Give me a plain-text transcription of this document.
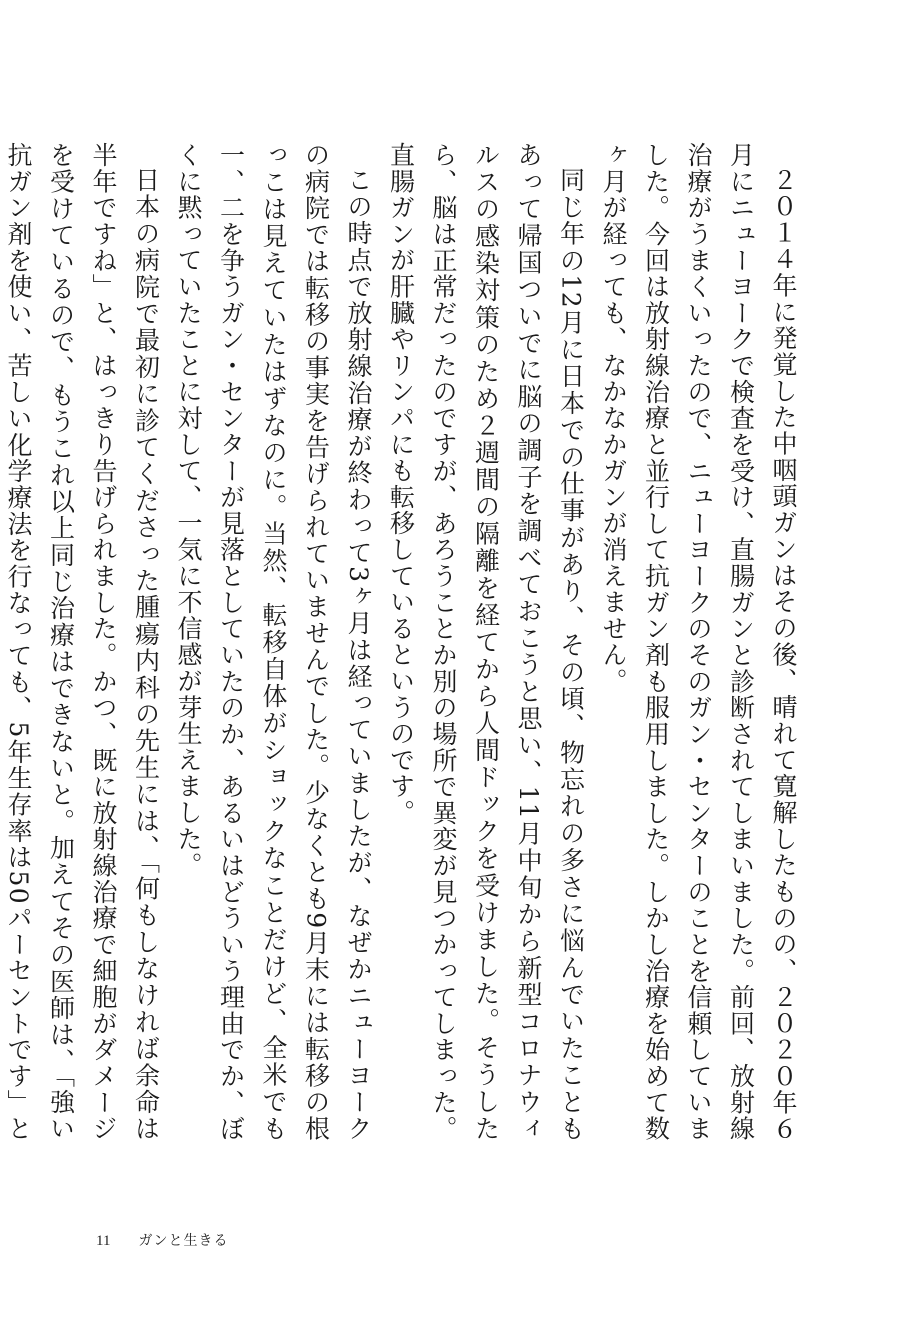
２０１４年に発覚した中咽頭ガンはその後、晴れて寛解したものの、２０２０年６月にニューヨークで検査を受け、直腸ガンと診断されてしまいました。前回、放射線治療がうまくいったので、ニューヨークのそのガン・センターのことを信頼していました。今回は放射線治療と並行して抗ガン剤も服用しました。しかし治療を始めて数ヶ月が経っても、なかなかガンが消えません。

同じ年の12月に日本での仕事があり、その頃、物忘れの多さに悩んでいたこともあって帰国ついでに脳の調子を調べておこうと思い、11月中旬から新型コロナウィルスの感染対策のため２週間の隔離を経てから人間ドックを受けました。そうしたら、脳は正常だったのですが、あろうことか別の場所で異変が見つかってしまった。直腸ガンが肝臓やリンパにも転移しているというのです。

この時点で放射線治療が終わって3ヶ月は経っていましたが、なぜかニューヨークの病院では転移の事実を告げられていませんでした。少なくとも9月末には転移の根っこは見えていたはずなのに。当然、転移自体がショックなことだけど、全米でも一、二を争うガン・センターが見落としていたのか、あるいはどういう理由でか、ぼくに黙っていたことに対して、一気に不信感が芽生えました。

日本の病院で最初に診てくださった腫瘍内科の先生には、「何もしなければ余命は半年ですね」と、はっきり告げられました。かつ、既に放射線治療で細胞がダメージを受けているので、もうこれ以上同じ治療はできないと。加えてその医師は、「強い抗ガン剤を使い、苦しい化学療法を行なっても、5年生存率は50パーセントです」と

11 ガンと生きる
